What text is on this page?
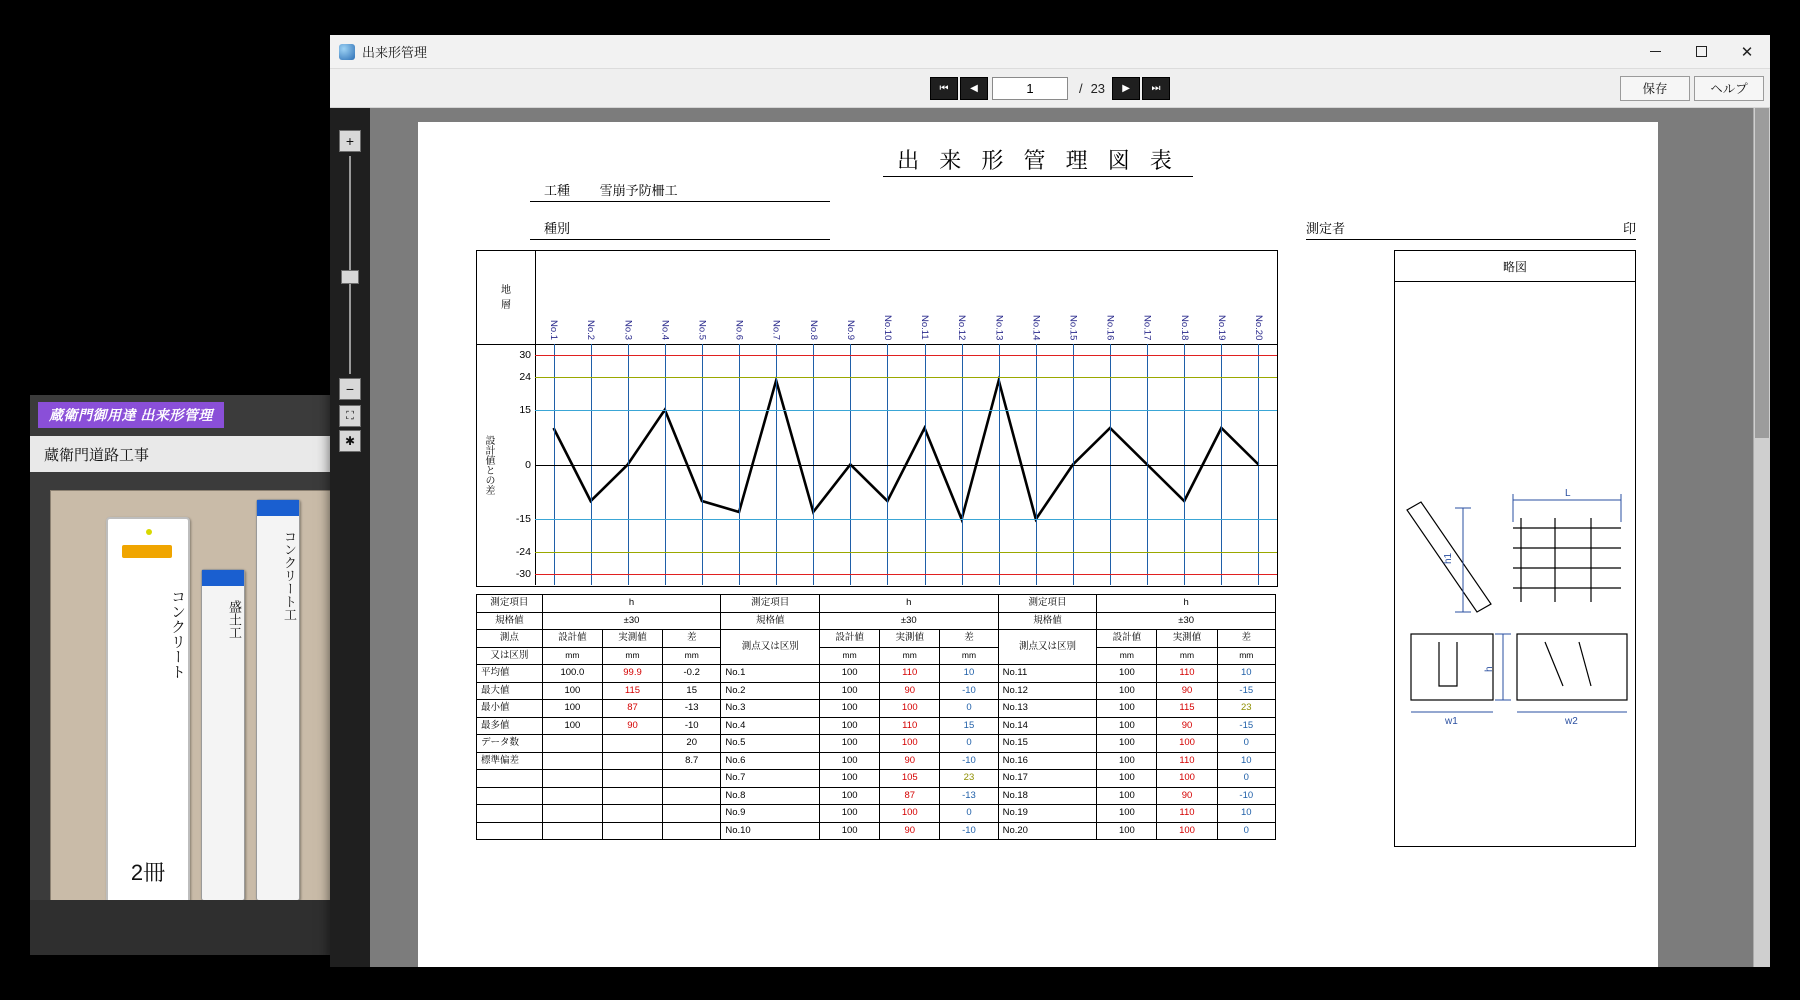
蔵衛門御用達 出来形管理
蔵衛門道路工事
コンクリート
2冊
盛土工	コンクリート工
出来形管理	✕
⏮ ◀	1	/ 23 ▶ ⏭	保存	ヘルプ
+
−
⛶
✱
出 来 形 管 理 図 表
工種 雪崩予防柵工
種別	測定者	印
地
層
No.1	No.2	No.3	No.4	No.5	No.6	No.7	No.8	No.9	No.10	No.11	No.12	No.13	No.14	No.15	No.16	No.17	No.18	No.19	No.20
設計値との差
30
24
15
0
-15
-24
-30
測定項目	h			測定項目	h			測定項目	h		
規格値	±30			規格値	±30			規格値	±30		
測点	設計値	実測値	差	測点又は区別	設計値	実測値	差	測点又は区別	設計値	実測値	差
又は区別	mm	mm	mm		mm	mm	mm		mm	mm	mm
平均値	100.0	99.9	-0.2	No.1	100	110	10	No.11	100	110	10
最大値	100	115	15	No.2	100	90	-10	No.12	100	90	-15
最小値	100	87	-13	No.3	100	100	0	No.13	100	115	23
最多値	100	90	-10	No.4	100	110	15	No.14	100	90	-15
データ数			20	No.5	100	100	0	No.15	100	100	0
標準偏差			8.7	No.6	100	90	-10	No.16	100	110	10
				No.7	100	105	23	No.17	100	100	0
				No.8	100	87	-13	No.18	100	90	-10
				No.9	100	100	0	No.19	100	110	10
				No.10	100	90	-10	No.20	100	100	0
略図
L
h1
h
w1	w2
